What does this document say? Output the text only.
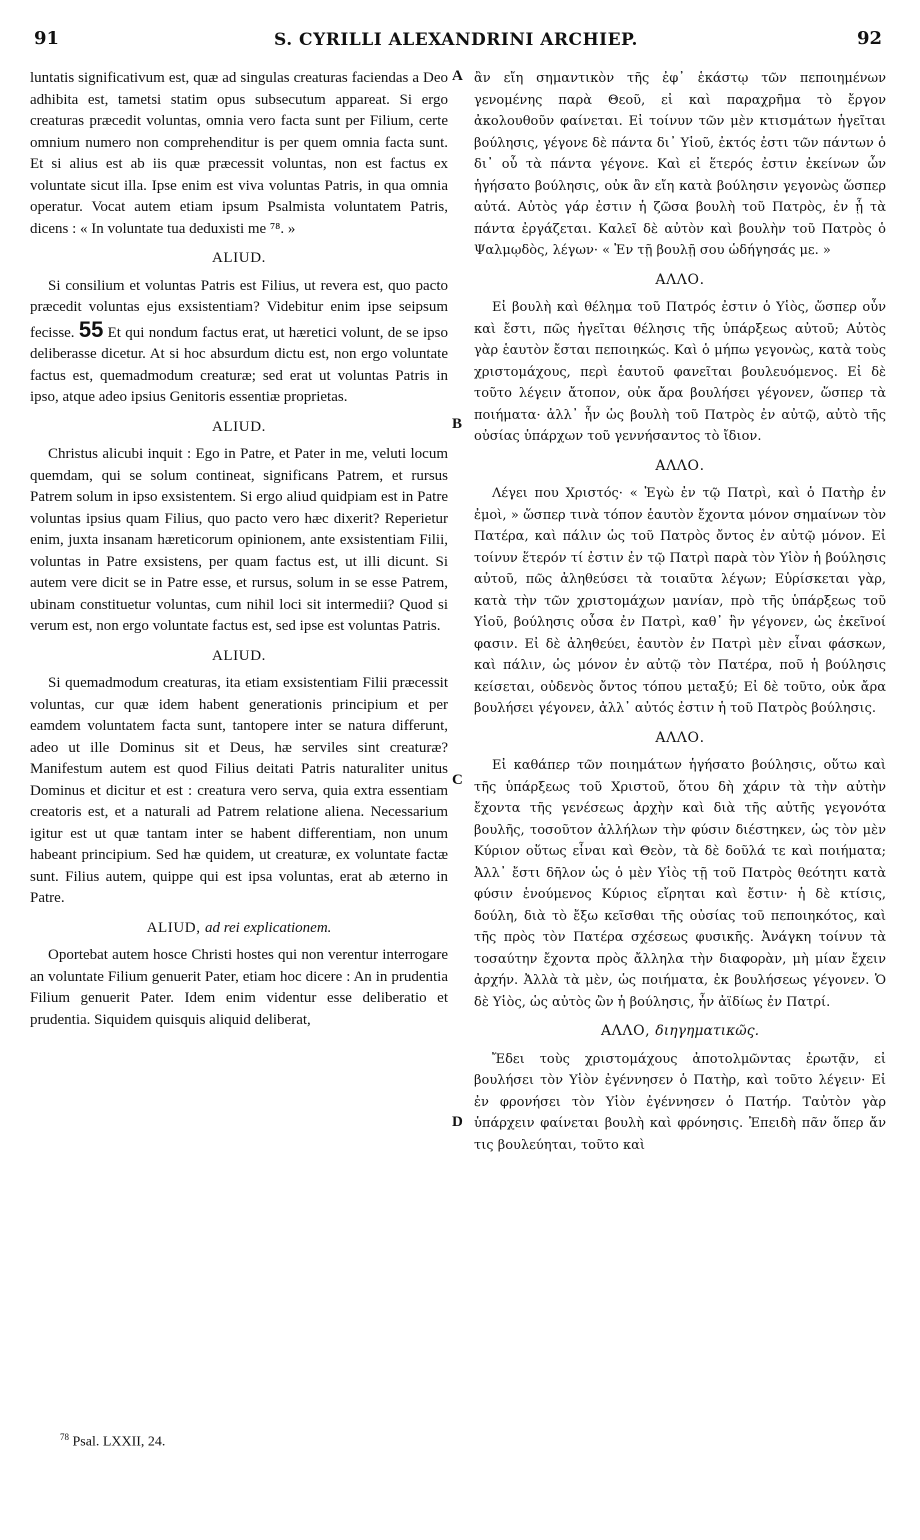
91	S. CYRILLI ALEXANDRINI ARCHIEP.	92

luntatis significativum est, quæ ad singulas creaturas faciendas a Deo adhibita est, tametsi statim opus subsecutum appareat. Si ergo creaturas præcedit voluntas, omnia vero facta sunt per Filium, certe omnium numero non comprehenditur is per quem omnia facta sunt. Et si alius est ab iis quæ præcessit voluntas, non est factus ex voluntate sicut illa. Ipse enim est viva voluntas Patris, in qua omnia operatur. Vocat autem etiam ipsum Psalmista voluntatem Patris, dicens : « In voluntate tua deduxisti me ⁷⁸. »

ALIUD.

Si consilium et voluntas Patris est Filius, ut revera est, quo pacto præcedit voluntas ejus exsistentiam? Videbitur enim ipse seipsum fecisse. 55 Et qui nondum factus erat, ut hæretici volunt, de se ipso deliberasse dicetur. At si hoc absurdum dictu est, non ergo voluntate factus est, quemadmodum creaturæ; sed erat ut voluntas Patris in ipso, atque adeo ipsius Genitoris essentiæ proprietas.

ALIUD.

Christus alicubi inquit : Ego in Patre, et Pater in me, veluti locum quemdam, qui se solum contineat, significans Patrem, et rursus Patrem solum in ipso exsistentem. Si ergo aliud quidpiam est in Patre voluntas ipsius quam Filius, quo pacto vero hæc dixerit? Reperietur enim, juxta insanam hæreticorum opinionem, ante exsistentiam Filii, voluntas in Patre exsistens, per quam factus est, ut illi dicunt. Si autem vere dicit se in Patre esse, et rursus, solum in se esse Patrem, ubinam constituetur voluntas, cum nihil loci sit intermedii? Quod si verum est, non ergo voluntate factus est, sed ipse est voluntas Patris.

ALIUD.

Si quemadmodum creaturas, ita etiam exsistentiam Filii præcessit voluntas, cur quæ idem habent generationis principium et per eamdem voluntatem facta sunt, tantopere inter se natura differunt, adeo ut ille Dominus sit et Deus, hæ serviles sint creaturæ? Manifestum autem est quod Filius deitati Patris naturaliter unitus Dominus et dicitur et est : creatura vero serva, quia extra essentiam creatoris est, et a naturali ad Patrem relatione aliena. Necessarium igitur est ut quæ tantam inter se habent differentiam, non unum habeant principium. Sed hæ quidem, ut creaturæ, ex voluntate factæ sunt. Filius autem, quippe qui est ipsa voluntas, erat ab æterno in Patre.

ALIUD, ad rei explicationem.

Oportebat autem hosce Christi hostes qui non verentur interrogare an voluntate Filium genuerit Pater, etiam hoc dicere : An in prudentia Filium genuerit Pater. Idem enim videntur esse deliberatio et prudentia. Siquidem quisquis aliquid deliberat,

ἂν εἴη σημαντικὸν τῆς ἐφ᾽ ἑκάστῳ τῶν πεποιημένων γενομένης παρὰ Θεοῦ, εἰ καὶ παραχρῆμα τὸ ἔργον ἀκολουθοῦν φαίνεται. Εἰ τοίνυν τῶν μὲν κτισμάτων ἡγεῖται βούλησις, γέγονε δὲ πάντα δι᾽ Υἱοῦ, ἐκτός ἐστι τῶν πάντων ὁ δι᾽ οὗ τὰ πάντα γέγονε. Καὶ εἰ ἕτερός ἐστιν ἐκείνων ὧν ἡγήσατο βούλησις, οὐκ ἂν εἴη κατὰ βούλησιν γεγονὼς ὥσπερ αὐτά. Αὐτὸς γάρ ἐστιν ἡ ζῶσα βουλὴ τοῦ Πατρὸς, ἐν ᾗ τὰ πάντα ἐργάζεται. Καλεῖ δὲ αὐτὸν καὶ βουλὴν τοῦ Πατρὸς ὁ Ψαλμῳδὸς, λέγων· « Ἐν τῇ βουλῇ σου ὡδήγησάς με. »

ΑΛΛΟ.

Εἰ βουλὴ καὶ θέλημα τοῦ Πατρός ἐστιν ὁ Υἱὸς, ὥσπερ οὖν καὶ ἔστι, πῶς ἡγεῖται θέλησις τῆς ὑπάρξεως αὐτοῦ; Αὐτὸς γὰρ ἑαυτὸν ἔσται πεποιηκώς. Καὶ ὁ μήπω γεγονὼς, κατὰ τοὺς χριστομάχους, περὶ ἑαυτοῦ φανεῖται βουλευόμενος. Εἰ δὲ τοῦτο λέγειν ἄτοπον, οὐκ ἄρα βουλήσει γέγονεν, ὥσπερ τὰ ποιήματα· ἀλλ᾽ ἦν ὡς βουλὴ τοῦ Πατρὸς ἐν αὐτῷ, αὐτὸ τῆς οὐσίας ὑπάρχων τοῦ γεννήσαντος τὸ ἴδιον.

ΑΛΛΟ.

Λέγει που Χριστός· « Ἐγὼ ἐν τῷ Πατρὶ, καὶ ὁ Πατὴρ ἐν ἐμοὶ, » ὥσπερ τινὰ τόπον ἑαυτὸν ἔχοντα μόνον σημαίνων τὸν Πατέρα, καὶ πάλιν ὡς τοῦ Πατρὸς ὄντος ἐν αὐτῷ μόνον. Εἰ τοίνυν ἕτερόν τί ἐστιν ἐν τῷ Πατρὶ παρὰ τὸν Υἱὸν ἡ βούλησις αὐτοῦ, πῶς ἀληθεύσει τὰ τοιαῦτα λέγων; Εὑρίσκεται γὰρ, κατὰ τὴν τῶν χριστομάχων μανίαν, πρὸ τῆς ὑπάρξεως τοῦ Υἱοῦ, βούλησις οὖσα ἐν Πατρὶ, καθ᾽ ἣν γέγονεν, ὡς ἐκεῖνοί φασιν. Εἰ δὲ ἀληθεύει, ἑαυτὸν ἐν Πατρὶ μὲν εἶναι φάσκων, καὶ πάλιν, ὡς μόνον ἐν αὐτῷ τὸν Πατέρα, ποῦ ἡ βούλησις κείσεται, οὐδενὸς ὄντος τόπου μεταξύ; Εἰ δὲ τοῦτο, οὐκ ἄρα βουλήσει γέγονεν, ἀλλ᾽ αὐτός ἐστιν ἡ τοῦ Πατρὸς βούλησις.

ΑΛΛΟ.

Εἰ καθάπερ τῶν ποιημάτων ἡγήσατο βούλησις, οὕτω καὶ τῆς ὑπάρξεως τοῦ Χριστοῦ, ὅτου δὴ χάριν τὰ τὴν αὐτὴν ἔχοντα τῆς γενέσεως ἀρχὴν καὶ διὰ τῆς αὐτῆς γεγονότα βουλῆς, τοσοῦτον ἀλλήλων τὴν φύσιν διέστηκεν, ὡς τὸν μὲν Κύριον οὕτως εἶναι καὶ Θεὸν, τὰ δὲ δοῦλά τε καὶ ποιήματα; Ἀλλ᾽ ἔστι δῆλον ὡς ὁ μὲν Υἱὸς τῇ τοῦ Πατρὸς θεότητι κατὰ φύσιν ἑνούμενος Κύριος εἴρηται καὶ ἔστιν· ἡ δὲ κτίσις, δούλη, διὰ τὸ ἔξω κεῖσθαι τῆς οὐσίας τοῦ πεποιηκότος, καὶ τῆς πρὸς τὸν Πατέρα σχέσεως φυσικῆς. Ἀνάγκη τοίνυν τὰ τοσαύτην ἔχοντα πρὸς ἄλληλα τὴν διαφορὰν, μὴ μίαν ἔχειν ἀρχήν. Ἀλλὰ τὰ μὲν, ὡς ποιήματα, ἐκ βουλήσεως γέγονεν. Ὁ δὲ Υἱὸς, ὡς αὐτὸς ὢν ἡ βούλησις, ἦν ἀϊδίως ἐν Πατρί.

ΑΛΛΟ, διηγηματικῶς.

Ἔδει τοὺς χριστομάχους ἀποτολμῶντας ἐρωτᾷν, εἰ βουλήσει τὸν Υἱὸν ἐγέννησεν ὁ Πατὴρ, καὶ τοῦτο λέγειν· Εἰ ἐν φρονήσει τὸν Υἱὸν ἐγέννησεν ὁ Πατήρ. Ταὐτὸν γὰρ ὑπάρχειν φαίνεται βουλὴ καὶ φρόνησις. Ἐπειδὴ πᾶν ὅπερ ἄν τις βουλεύηται, τοῦτο καὶ

A
B
C
D
$^{78}$ Psal. LXXII, 24.
